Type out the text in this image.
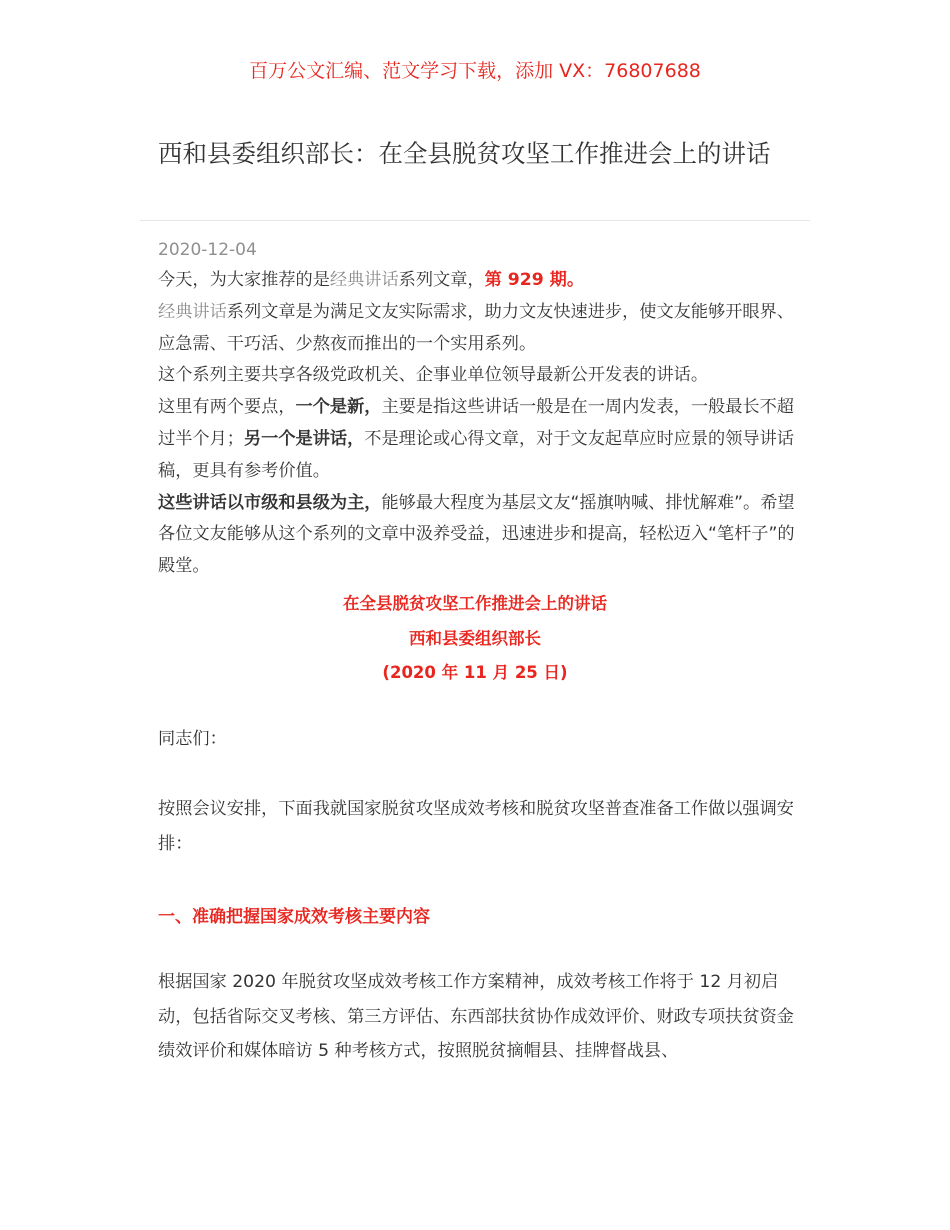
百万公文汇编、范文学习下载，添加 VX：76807688
西和县委组织部长：在全县脱贫攻坚工作推进会上的讲话
2020-12-04

今天，为大家推荐的是经典讲话系列文章，第 929 期。

经典讲话系列文章是为满足文友实际需求，助力文友快速进步，使文友能够开眼界、应急需、干巧活、少熬夜而推出的一个实用系列。

这个系列主要共享各级党政机关、企事业单位领导最新公开发表的讲话。

这里有两个要点，一个是新，主要是指这些讲话一般是在一周内发表，一般最长不超过半个月；另一个是讲话，不是理论或心得文章，对于文友起草应时应景的领导讲话稿，更具有参考价值。

这些讲话以市级和县级为主，能够最大程度为基层文友“摇旗呐喊、排忧解难”。希望各位文友能够从这个系列的文章中汲养受益，迅速进步和提高，轻松迈入“笔杆子”的殿堂。

在全县脱贫攻坚工作推进会上的讲话
西和县委组织部长
(2020 年 11 月 25 日)

同志们：

按照会议安排，下面我就国家脱贫攻坚成效考核和脱贫攻坚普查准备工作做以强调安排：

一、准确把握国家成效考核主要内容

根据国家 2020 年脱贫攻坚成效考核工作方案精神，成效考核工作将于 12 月初启动，包括省际交叉考核、第三方评估、东西部扶贫协作成效评价、财政专项扶贫资金绩效评价和媒体暗访 5 种考核方式，按照脱贫摘帽县、挂牌督战县、
